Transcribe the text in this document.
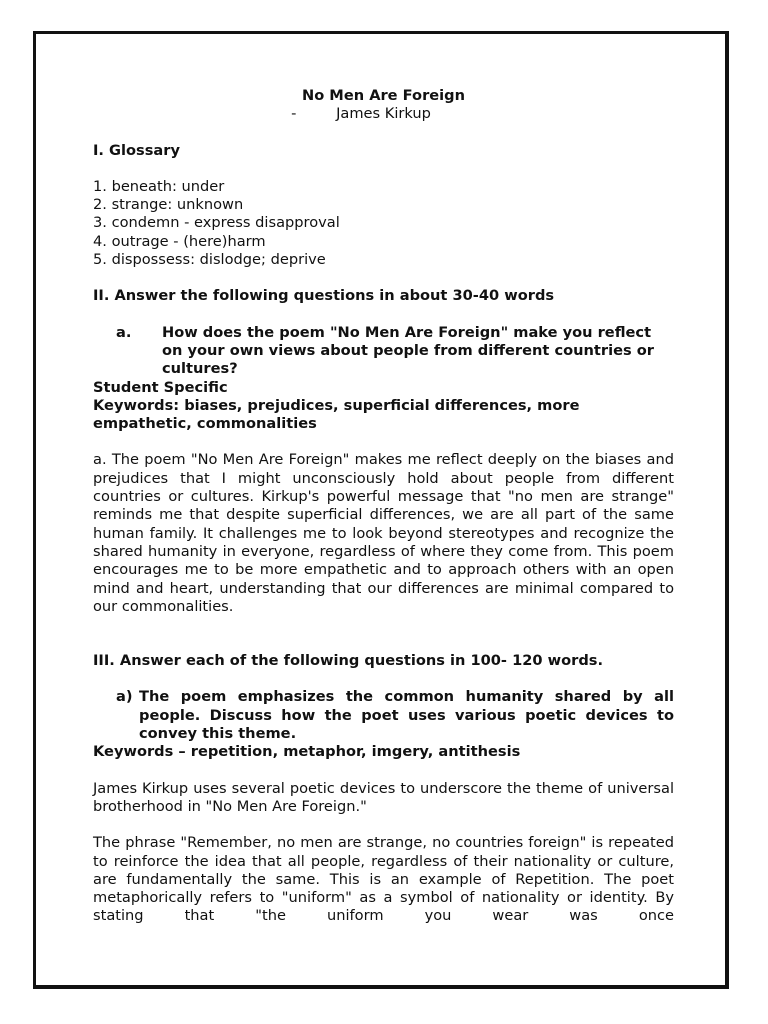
No Men Are Foreign

-	James Kirkup

I. Glossary

1. beneath: under
2. strange: unknown
3. condemn - express disapproval
4. outrage - (here)harm
5. dispossess: dislodge; deprive

II. Answer the following questions in about 30-40 words

a.	How does the poem "No Men Are Foreign" make you reflect on your own views about people from different countries or cultures?

Student Specific

Keywords: biases, prejudices, superficial differences, more empathetic, commonalities

a. The poem "No Men Are Foreign" makes me reflect deeply on the biases and prejudices that I might unconsciously hold about people from different countries or cultures. Kirkup's powerful message that "no men are strange" reminds me that despite superficial differences, we are all part of the same human family. It challenges me to look beyond stereotypes and recognize the shared humanity in everyone, regardless of where they come from. This poem encourages me to be more empathetic and to approach others with an open mind and heart, understanding that our differences are minimal compared to our commonalities.

III. Answer each of the following questions in 100- 120 words.

a) The poem emphasizes the common humanity shared by all people. Discuss how the poet uses various poetic devices to convey this theme.

Keywords – repetition, metaphor, imgery, antithesis

James Kirkup uses several poetic devices to underscore the theme of universal brotherhood in "No Men Are Foreign."

The phrase "Remember, no men are strange, no countries foreign" is repeated to reinforce the idea that all people, regardless of their nationality or culture, are fundamentally the same. This is an example of Repetition. The poet metaphorically refers to "uniform" as a symbol of nationality or identity. By stating that "the uniform you wear was once
